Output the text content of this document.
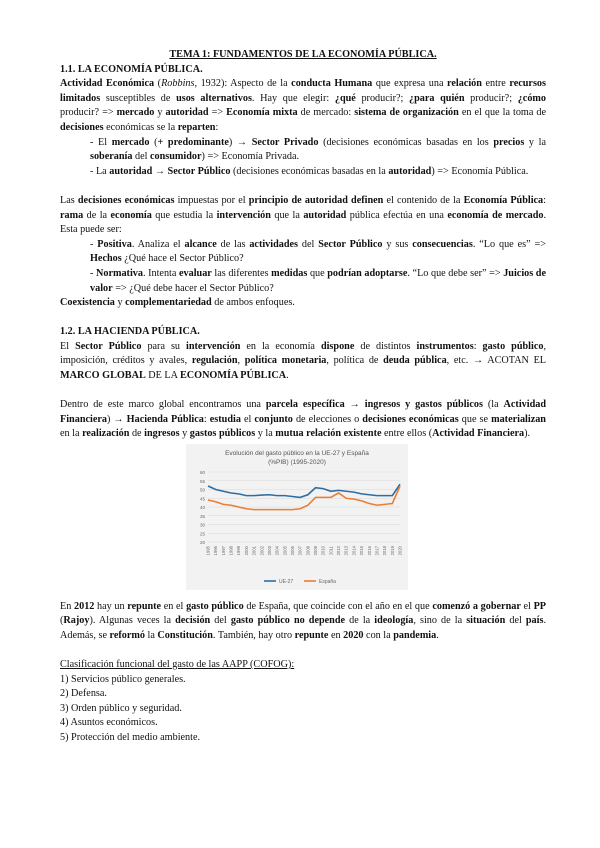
TEMA 1: FUNDAMENTOS DE LA ECONOMÍA PÚBLICA.

1.1. LA ECONOMÍA PÚBLICA.

Actividad Económica (Robbins, 1932): Aspecto de la conducta Humana que expresa una relación entre recursos limitados susceptibles de usos alternativos. Hay que elegir: ¿qué producir?; ¿para quién producir?; ¿cómo producir? => mercado y autoridad => Economía mixta de mercado: sistema de organización en el que la toma de decisiones económicas se la reparten:

- El mercado (+ predominante) → Sector Privado (decisiones económicas basadas en los precios y la soberanía del consumidor) => Economía Privada.

- La autoridad → Sector Público (decisiones económicas basadas en la autoridad) => Economía Pública.

Las decisiones económicas impuestas por el principio de autoridad definen el contenido de la Economía Pública: rama de la economía que estudia la intervención que la autoridad pública efectúa en una economía de mercado. Esta puede ser:

- Positiva. Analiza el alcance de las actividades del Sector Público y sus consecuencias. “Lo que es” => Hechos ¿Qué hace el Sector Público?

- Normativa. Intenta evaluar las diferentes medidas que podrían adoptarse. “Lo que debe ser” => Juicios de valor => ¿Qué debe hacer el Sector Público?

Coexistencia y complementariedad de ambos enfoques.

1.2. LA HACIENDA PÚBLICA.

El Sector Público para su intervención en la economía dispone de distintos instrumentos: gasto público, imposición, créditos y avales, regulación, política monetaria, política de deuda pública, etc. → ACOTAN EL MARCO GLOBAL DE LA ECONOMÍA PÚBLICA.

Dentro de este marco global encontramos una parcela específica → ingresos y gastos públicos (la Actividad Financiera) → Hacienda Pública: estudia el conjunto de elecciones o decisiones económicas que se materializan en la realización de ingresos y gastos públicos y la mutua relación existente entre ellos (Actividad Financiera).

Evolución del gasto público en la UE-27 y España
(%PIB) (1995-2020)
20
25
30
35
40
45
50
55
60
1995 1996 1997 1998 1999 2000 2001 2002 2003 2004 2005 2006 2007 2008 2009 2010 2011 2012 2013 2014 2015 2016 2017 2018 2019 2020
UE-27	España

En 2012 hay un repunte en el gasto público de España, que coincide con el año en el que comenzó a gobernar el PP (Rajoy). Algunas veces la decisión del gasto público no depende de la ideología, sino de la situación del país. Además, se reformó la Constitución. También, hay otro repunte en 2020 con la pandemia.

Clasificación funcional del gasto de las AAPP (COFOG):

1) Servicios público generales.

2) Defensa.

3) Orden público y seguridad.

4) Asuntos económicos.

5) Protección del medio ambiente.
